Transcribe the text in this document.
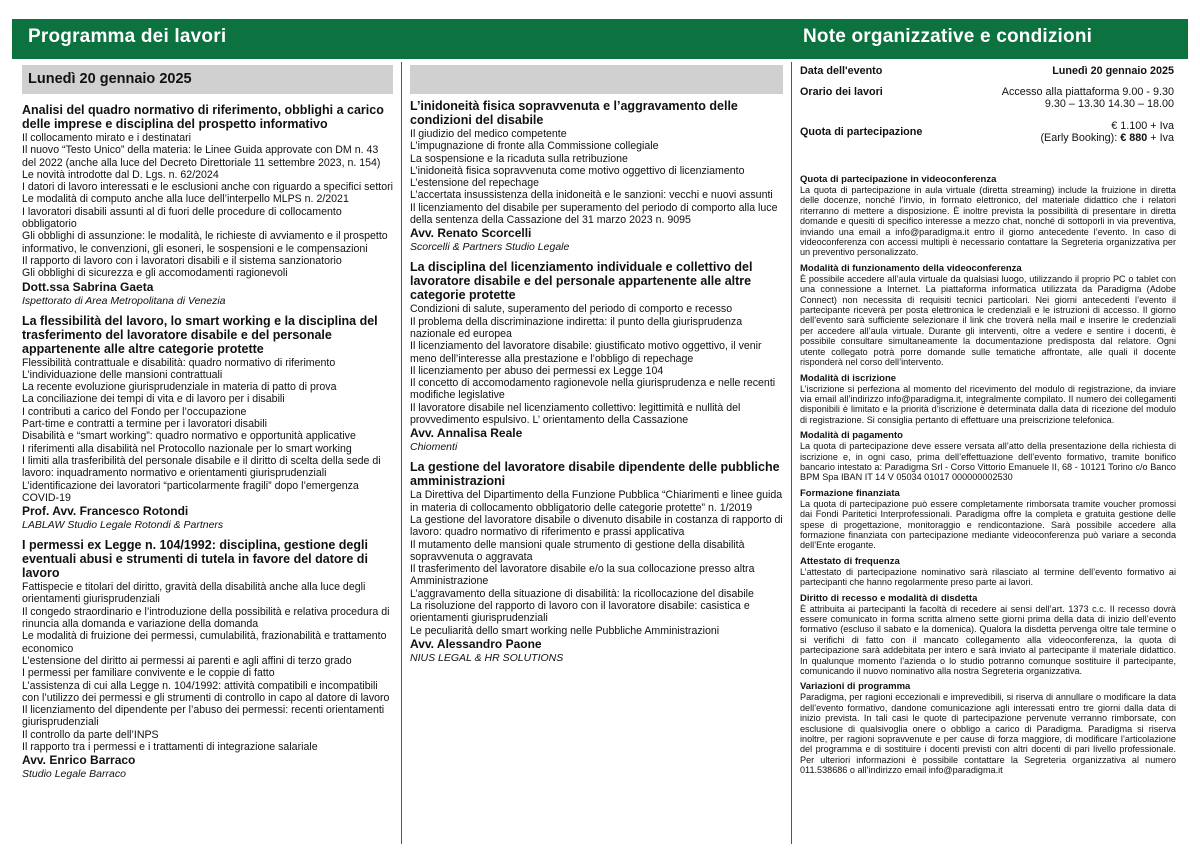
Programma dei lavori	Note organizzative e condizioni
Lunedì 20 gennaio 2025
Analisi del quadro normativo di riferimento, obblighi a carico delle imprese e disciplina del prospetto informativo
Il collocamento mirato e i destinatari
Il nuovo “Testo Unico” della materia: le Linee Guida approvate con DM n. 43 del 2022 (anche alla luce del Decreto Direttoriale 11 settembre 2023, n. 154)
Le novità introdotte dal D. Lgs. n. 62/2024
I datori di lavoro interessati e le esclusioni anche con riguardo a specifici settori
Le modalità di computo anche alla luce dell’interpello MLPS n. 2/2021
I lavoratori disabili assunti al di fuori delle procedure di collocamento obbligatorio
Gli obblighi di assunzione: le modalità, le richieste di avviamento e il prospetto informativo, le convenzioni, gli esoneri, le sospensioni e le compensazioni
Il rapporto di lavoro con i lavoratori disabili e il sistema sanzionatorio
Gli obblighi di sicurezza e gli accomodamenti ragionevoli
Dott.ssa Sabrina Gaeta
Ispettorato di Area Metropolitana di Venezia
La flessibilità del lavoro, lo smart working e la disciplina del trasferimento del lavoratore disabile e del personale appartenente alle altre categorie protette
Flessibilità contrattuale e disabilità: quadro normativo di riferimento
L’individuazione delle mansioni contrattuali
La recente evoluzione giurisprudenziale in materia di patto di prova
La conciliazione dei tempi di vita e di lavoro per i disabili
I contributi a carico del Fondo per l’occupazione
Part-time e contratti a termine per i lavoratori disabili
Disabilità e “smart working”: quadro normativo e opportunità applicative
I riferimenti alla disabilità nel Protocollo nazionale per lo smart working
I limiti alla trasferibilità del personale disabile e il diritto di scelta della sede di lavoro: inquadramento normativo e orientamenti giurisprudenziali
L’identificazione dei lavoratori “particolarmente fragili” dopo l’emergenza COVID-19
Prof. Avv. Francesco Rotondi
LABLAW Studio Legale Rotondi & Partners
I permessi ex Legge n. 104/1992: disciplina, gestione degli eventuali abusi e strumenti di tutela in favore del datore di lavoro
Fattispecie e titolari del diritto, gravità della disabilità anche alla luce degli orientamenti giurisprudenziali
Il congedo straordinario e l’introduzione della possibilità e relativa procedura di rinuncia alla domanda e variazione della domanda
Le modalità di fruizione dei permessi, cumulabilità, frazionabilità e trattamento economico
L’estensione del diritto ai permessi ai parenti e agli affini di terzo grado
I permessi per familiare convivente e le coppie di fatto
L’assistenza di cui alla Legge n. 104/1992: attività compatibili e incompatibili con l’utilizzo dei permessi e gli strumenti di controllo in capo al datore di lavoro
Il licenziamento del dipendente per l’abuso dei permessi: recenti orientamenti giurisprudenziali
Il controllo da parte dell’INPS
Il rapporto tra i permessi e i trattamenti di integrazione salariale
Avv. Enrico Barraco
Studio Legale Barraco
L’inidoneità fisica sopravvenuta e l’aggravamento delle condizioni del disabile
Il giudizio del medico competente
L’impugnazione di fronte alla Commissione collegiale
La sospensione e la ricaduta sulla retribuzione
L’inidoneità fisica sopravvenuta come motivo oggettivo di licenziamento
L’estensione del repechage
L’accertata insussistenza della inidoneità e le sanzioni: vecchi e nuovi assunti
Il licenziamento del disabile per superamento del periodo di comporto alla luce della sentenza della Cassazione del 31 marzo 2023 n. 9095
Avv. Renato Scorcelli
Scorcelli & Partners Studio Legale
La disciplina del licenziamento individuale e collettivo del lavoratore disabile e del personale appartenente alle altre categorie protette
Condizioni di salute, superamento del periodo di comporto e recesso
Il problema della discriminazione indiretta: il punto della giurisprudenza nazionale ed europea
Il licenziamento del lavoratore disabile: giustificato motivo oggettivo, il venir meno dell’interesse alla prestazione e l’obbligo di repechage
Il licenziamento per abuso dei permessi ex Legge 104
Il concetto di accomodamento ragionevole nella giurisprudenza e nelle recenti modifiche legislative
Il lavoratore disabile nel licenziamento collettivo: legittimità e nullità del provvedimento espulsivo. L’ orientamento della Cassazione
Avv. Annalisa Reale
Chiomenti
La gestione del lavoratore disabile dipendente delle pubbliche amministrazioni
La Direttiva del Dipartimento della Funzione Pubblica “Chiarimenti e linee guida in materia di collocamento obbligatorio delle categorie protette” n. 1/2019
La gestione del lavoratore disabile o divenuto disabile in costanza di rapporto di lavoro: quadro normativo di riferimento e prassi applicativa
Il mutamento delle mansioni quale strumento di gestione della disabilità sopravvenuta o aggravata
Il trasferimento del lavoratore disabile e/o la sua collocazione presso altra Amministrazione
L’aggravamento della situazione di disabilità: la ricollocazione del disabile
La risoluzione del rapporto di lavoro con il lavoratore disabile: casistica e orientamenti giurisprudenziali
Le peculiarità dello smart working nelle Pubbliche Amministrazioni
Avv. Alessandro Paone
NIUS LEGAL & HR SOLUTIONS
Data dell'evento	Lunedì 20 gennaio 2025
Orario dei lavori	Accesso alla piattaforma 9.00 - 9.30
9.30 – 13.30 14.30 – 18.00
Quota di partecipazione	€ 1.100 + Iva
(Early Booking): € 880 + Iva
Quota di partecipazione in videoconferenza

La quota di partecipazione in aula virtuale (diretta streaming) include la fruizione in diretta delle docenze, nonché l’invio, in formato elettronico, del materiale didattico che i relatori riterranno di mettere a disposizione. È inoltre prevista la possibilità di presentare in diretta domande e quesiti di specifico interesse a mezzo chat, nonché di sottoporli in via preventiva, inviando una email a info@paradigma.it entro il giorno antecedente l’evento. In caso di videoconferenza con accessi multipli è necessario contattare la Segreteria organizzativa per un preventivo personalizzato.

Modalità di funzionamento della videoconferenza

È possibile accedere all’aula virtuale da qualsiasi luogo, utilizzando il proprio PC o tablet con una connessione a Internet. La piattaforma informatica utilizzata da Paradigma (Adobe Connect) non necessita di requisiti tecnici particolari. Nei giorni antecedenti l’evento il partecipante riceverà per posta elettronica le credenziali e le istruzioni di accesso. Il giorno dell’evento sarà sufficiente selezionare il link che troverà nella mail e inserire le credenziali per accedere all’aula virtuale. Durante gli interventi, oltre a vedere e sentire i docenti, è possibile consultare simultaneamente la documentazione predisposta dal relatore. Ogni utente collegato potrà porre domande sulle tematiche affrontate, alle quali il docente risponderà nel corso dell’intervento.

Modalità di iscrizione

L’iscrizione si perfeziona al momento del ricevimento del modulo di registrazione, da inviare via email all’indirizzo info@paradigma.it, integralmente compilato. Il numero dei collegamenti disponibili è limitato e la priorità d’iscrizione è determinata dalla data di ricezione del modulo di registrazione. Si consiglia pertanto di effettuare una preiscrizione telefonica.

Modalità di pagamento

La quota di partecipazione deve essere versata all’atto della presentazione della richiesta di iscrizione e, in ogni caso, prima dell’effettuazione dell’evento formativo, tramite bonifico bancario intestato a: Paradigma Srl - Corso Vittorio Emanuele II, 68 - 10121 Torino c/o Banco BPM Spa IBAN IT 14 V 05034 01017 000000002530

Formazione finanziata

La quota di partecipazione può essere completamente rimborsata tramite voucher promossi dai Fondi Paritetici Interprofessionali. Paradigma offre la completa e gratuita gestione delle spese di progettazione, monitoraggio e rendicontazione. Sarà possibile accedere alla formazione finanziata con partecipazione mediante videoconferenza può variare a seconda dell’Ente erogante.

Attestato di frequenza

L’attestato di partecipazione nominativo sarà rilasciato al termine dell’evento formativo ai partecipanti che hanno regolarmente preso parte ai lavori.

Diritto di recesso e modalità di disdetta

È attribuita ai partecipanti la facoltà di recedere ai sensi dell’art. 1373 c.c. Il recesso dovrà essere comunicato in forma scritta almeno sette giorni prima della data di inizio dell’evento formativo (escluso il sabato e la domenica). Qualora la disdetta pervenga oltre tale termine o si verifichi di fatto con il mancato collegamento alla videoconferenza, la quota di partecipazione sarà addebitata per intero e sarà inviato al partecipante il materiale didattico. In qualunque momento l’azienda o lo studio potranno comunque sostituire il partecipante, comunicando il nuovo nominativo alla nostra Segreteria organizzativa.

Variazioni di programma

Paradigma, per ragioni eccezionali e imprevedibili, si riserva di annullare o modificare la data dell’evento formativo, dandone comunicazione agli interessati entro tre giorni dalla data di inizio prevista. In tali casi le quote di partecipazione pervenute verranno rimborsate, con esclusione di qualsivoglia onere o obbligo a carico di Paradigma. Paradigma si riserva inoltre, per ragioni sopravvenute e per cause di forza maggiore, di modificare l’articolazione del programma e di sostituire i docenti previsti con altri docenti di pari livello professionale. Per ulteriori informazioni è possibile contattare la Segreteria organizzativa al numero 011.538686 o all’indirizzo email info@paradigma.it
